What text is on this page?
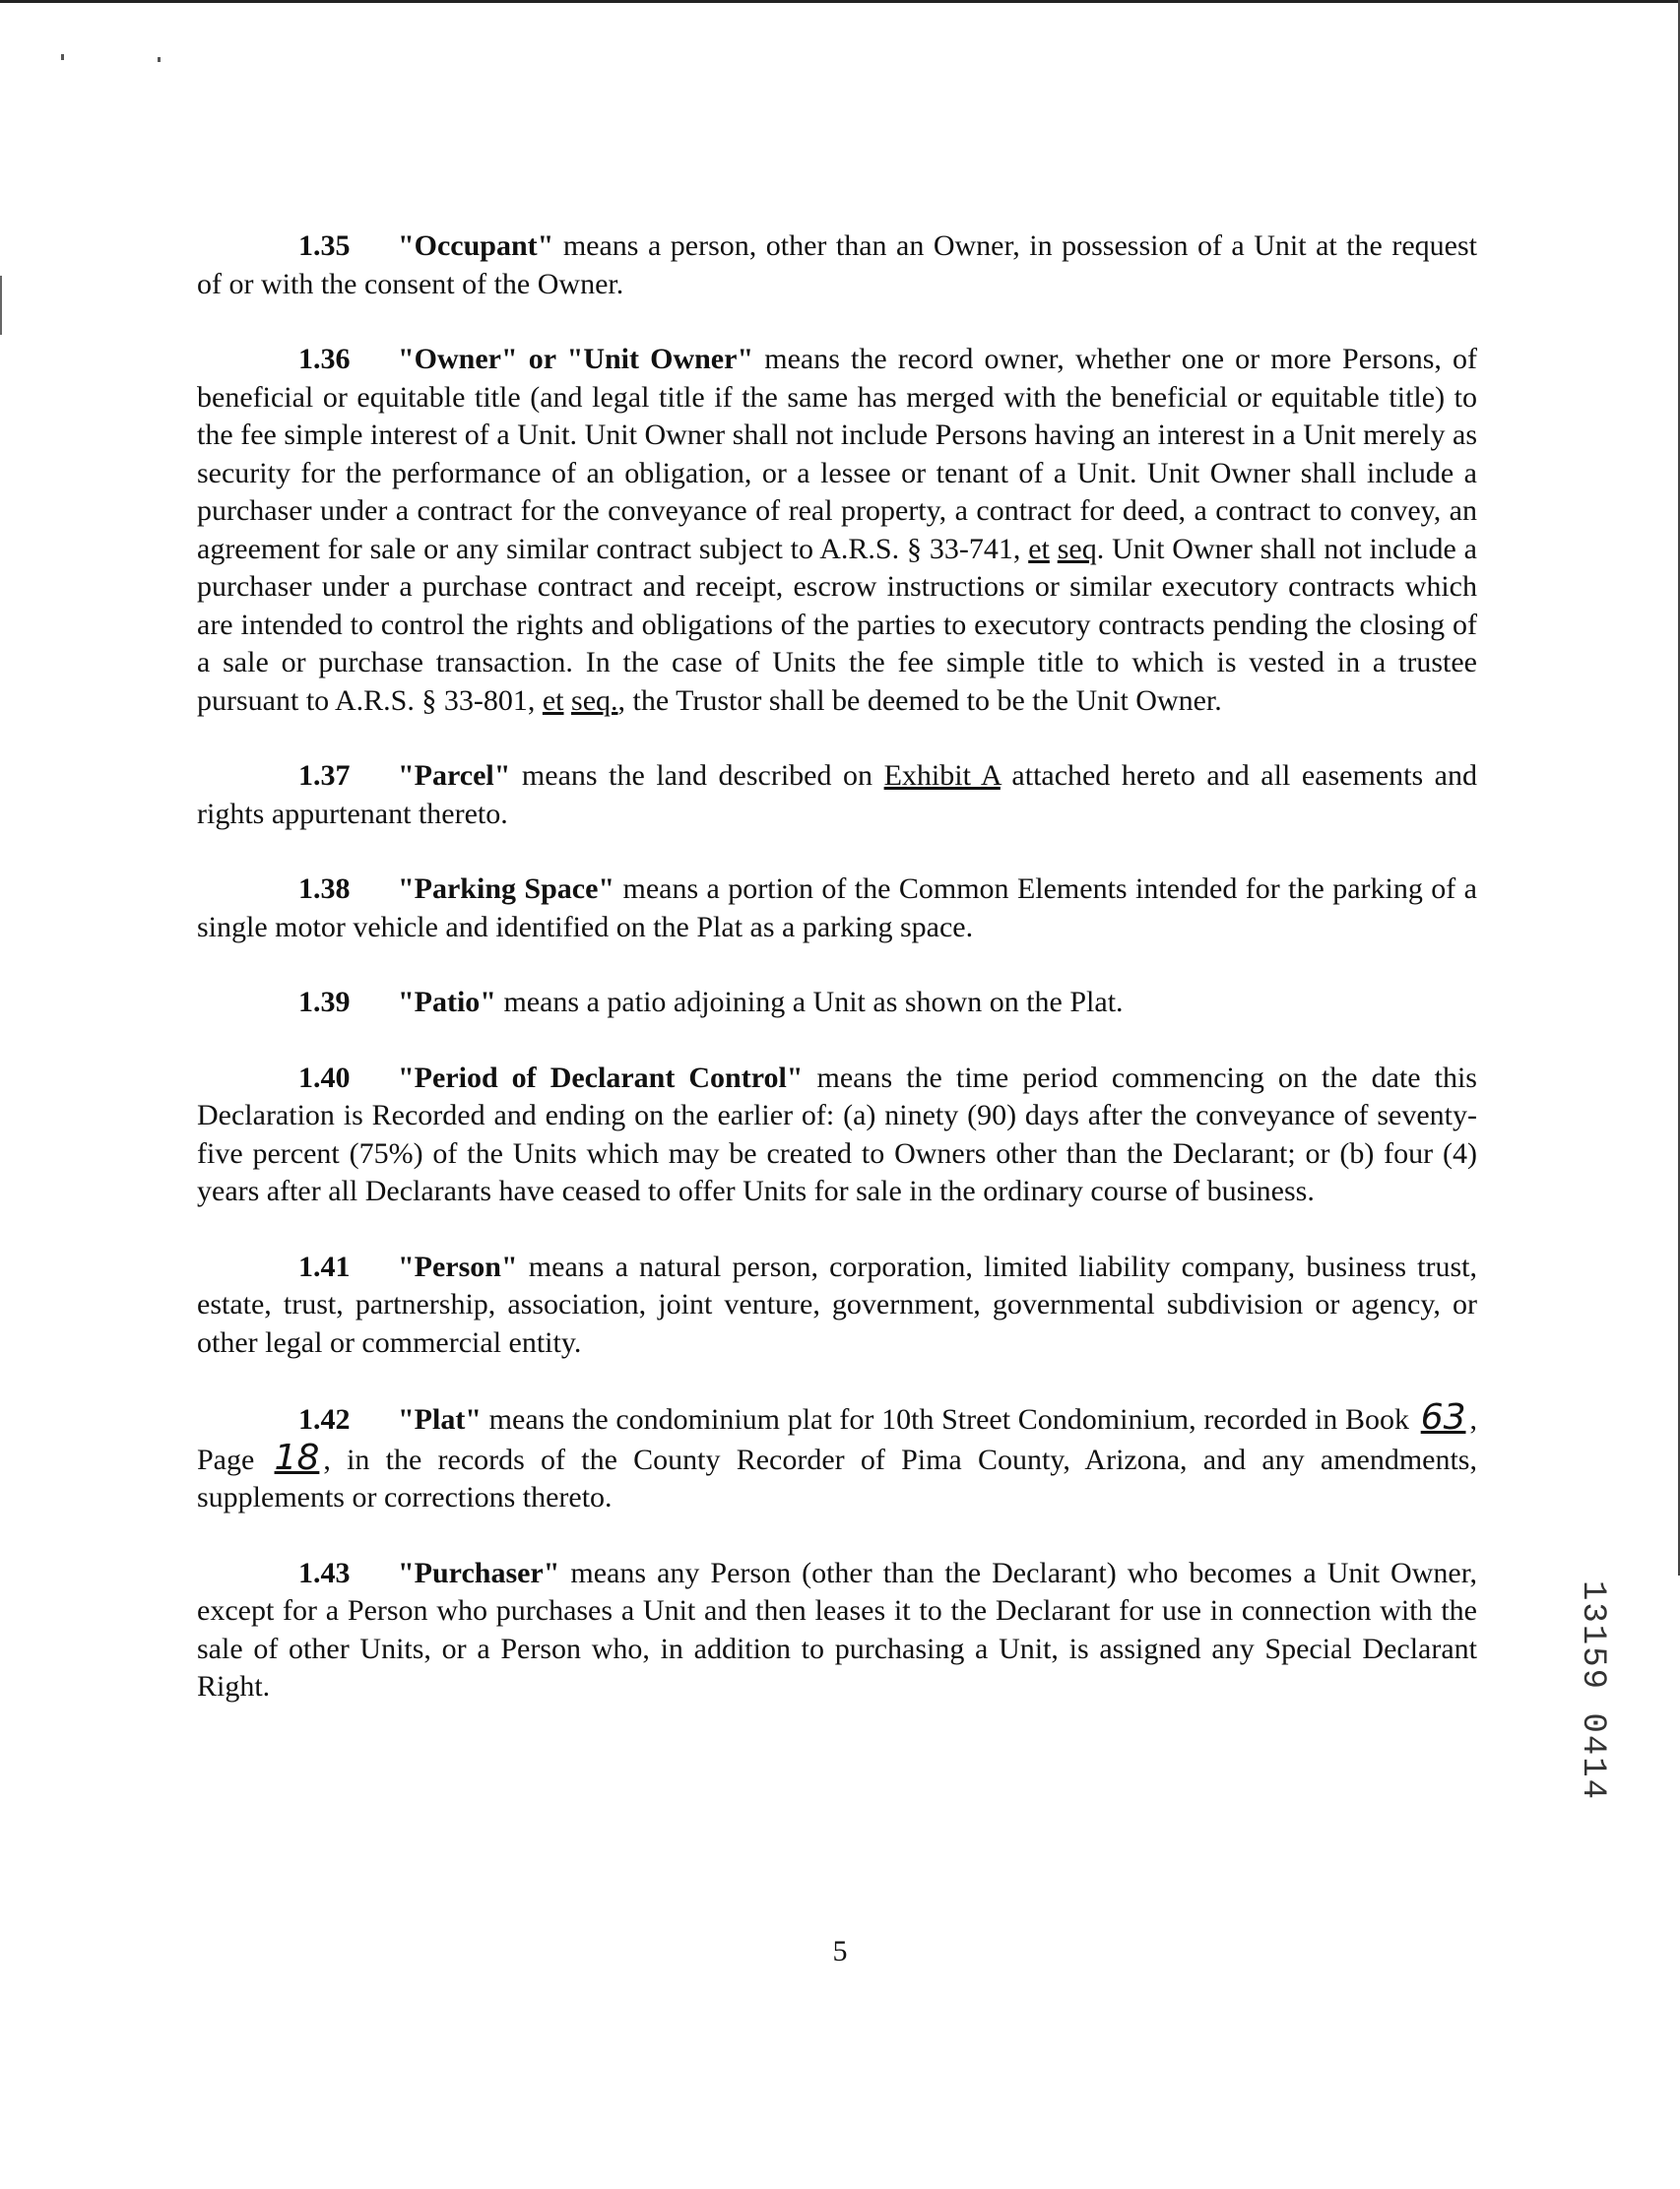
1.35 "Occupant" means a person, other than an Owner, in possession of a Unit at the request of or with the consent of the Owner.

1.36 "Owner" or "Unit Owner" means the record owner, whether one or more Persons, of beneficial or equitable title (and legal title if the same has merged with the beneficial or equitable title) to the fee simple interest of a Unit. Unit Owner shall not include Persons having an interest in a Unit merely as security for the performance of an obligation, or a lessee or tenant of a Unit. Unit Owner shall include a purchaser under a contract for the conveyance of real property, a contract for deed, a contract to convey, an agreement for sale or any similar contract subject to A.R.S. § 33-741, et seq. Unit Owner shall not include a purchaser under a purchase contract and receipt, escrow instructions or similar executory contracts which are intended to control the rights and obligations of the parties to executory contracts pending the closing of a sale or purchase transaction. In the case of Units the fee simple title to which is vested in a trustee pursuant to A.R.S. § 33-801, et seq., the Trustor shall be deemed to be the Unit Owner.

1.37 "Parcel" means the land described on Exhibit A attached hereto and all easements and rights appurtenant thereto.

1.38 "Parking Space" means a portion of the Common Elements intended for the parking of a single motor vehicle and identified on the Plat as a parking space.

1.39 "Patio" means a patio adjoining a Unit as shown on the Plat.

1.40 "Period of Declarant Control" means the time period commencing on the date this Declaration is Recorded and ending on the earlier of: (a) ninety (90) days after the conveyance of seventy-five percent (75%) of the Units which may be created to Owners other than the Declarant; or (b) four (4) years after all Declarants have ceased to offer Units for sale in the ordinary course of business.

1.41 "Person" means a natural person, corporation, limited liability company, business trust, estate, trust, partnership, association, joint venture, government, governmental subdivision or agency, or other legal or commercial entity.

1.42 "Plat" means the condominium plat for 10th Street Condominium, recorded in Book 63 , Page 18 , in the records of the County Recorder of Pima County, Arizona, and any amendments, supplements or corrections thereto.

1.43 "Purchaser" means any Person (other than the Declarant) who becomes a Unit Owner, except for a Person who purchases a Unit and then leases it to the Declarant for use in connection with the sale of other Units, or a Person who, in addition to purchasing a Unit, is assigned any Special Declarant Right.	13159 0414
5
